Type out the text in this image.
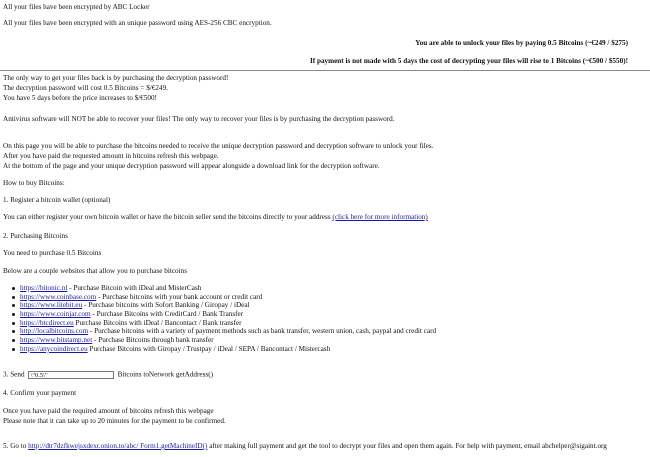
All your files have been encrypted by ABC Locker
All your files have been encrypted with an unique password using AES-256 CBC encryption.
You are able to unlock your files by paying 0.5 Bitcoins (~€249 / $275)
If payment is not made with 5 days the cost of decrypting your files will rise to 1 Bitcoins (~€500 / $550)!
The only way to get your files back is by purchasing the decryption password!
The decryption password will cost 0.5 Bitcoins = $/€249.
You have 5 days before the price increases to $/€500!
Antivirus software will NOT be able to recover your files! The only way to recover your files is by purchasing the decryption password.
On this page you will be able to purchase the bitcoins needed to receive the unique decryption password and decryption software to unlock your files.
After you have paid the requested amount in bitcoins refresh this webpage.
At the bottom of the page and your unique decryption password will appear alongside a download link for the decryption software.
How to buy Bitcoins:
1. Register a bitcoin wallet (optional)
You can either register your own bitcoin wallet or have the bitcoin seller send the bitcoins directly to your address (click here for more information)
2. Purchasing Bitcoins
You need to purchase 0.5 Bitcoins
Below are a couple websites that allow you to purchase bitcoins
https://bitonic.nl - Purchase Bitcoin with iDeal and MisterCash
https://www.coinbase.com - Purchase bitcoins with your bank account or credit card
https://www.litebit.eu - Purchase bitcoins with Sofort Banking / Giropay / iDeal
https://www.coinjar.com - Purchase Bitcoins with CreditCard / Bank Transfer
https://btcdirect.eu Purchase Bitcoins with iDeal / Bancontact / Bank transfer
http://localbitcoins.com - Purchase bitcoins with a variety of payment methods such as bank transfer, western union, cash, paypal and credit card
https://www.bitstamp.net - Purchase Bitcoins through bank transfer
https://anycoindirect.eu Purchase Bitcoins with Giropay / Trustpay / iDeal / SEPA / Bancontact / Misterc​ash
3. Send \"0.5\"	Bitcoins toNetwork getAddress()
4. Confirm your payment
Once you have paid the required amount of bitcoins refresh this webpage
Please note that it can take up to 20 minutes for the payment to be confirmed.
5. Go to http://dtr7dzfkwejsxdexr.onion.to/abc/ Form1.getMachineID() after making full payment and get the tool to decrypt your files and open them again. For help with payment, email abchelper@sigaint.org
